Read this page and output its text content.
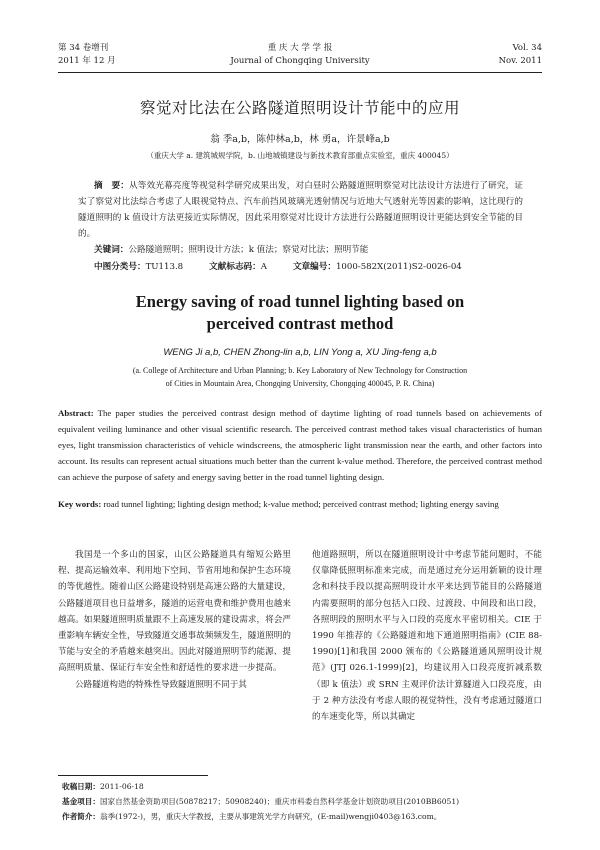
第 34 卷增刊
2011 年 12 月
重 庆 大 学 学 报
Journal of Chongqing University
Vol. 34
Nov. 2011
察觉对比法在公路隧道照明设计节能中的应用
翁 季a,b，陈仲林a,b，林 勇a，许景峰a,b
（重庆大学 a. 建筑城规学院，b. 山地城镇建设与新技术教育部重点实验室，重庆 400045）
摘　要：从等效光幕亮度等视觉科学研究成果出发，对白昼时公路隧道照明察觉对比法设计方法进行了研究，证实了察觉对比法综合考虑了人眼视觉特点、汽车前挡风玻璃光透射情况与近地大气透射光等因素的影响，这比现行的隧道照明的 k 值设计方法更接近实际情况，因此采用察觉对比设计方法进行公路隧道照明设计更能达到安全节能的目的。
关键词：公路隧道照明；照明设计方法；k 值法；察觉对比法；照明节能
中图分类号：TU113.8	文献标志码：A	文章编号：1000-582X(2011)S2-0026-04
Energy saving of road tunnel lighting based on
perceived contrast method
WENG Ji a,b, CHEN Zhong-lin a,b, LIN Yong a, XU Jing-feng a,b
(a. College of Architecture and Urban Planning; b. Key Laboratory of New Technology for Construction
of Cities in Mountain Area, Chongqing University, Chongqing 400045, P. R. China)
Abstract: The paper studies the perceived contrast design method of daytime lighting of road tunnels based on achievements of equivalent veiling luminance and other visual scientific research. The perceived contrast method takes visual characteristics of human eyes, light transmission characteristics of vehicle windscreens, the atmospheric light transmission near the earth, and other factors into account. Its results can represent actual situations much better than the current k-value method. Therefore, the perceived contrast method can achieve the purpose of safety and energy saving better in the road tunnel lighting design.
Key words: road tunnel lighting; lighting design method; k-value method; perceived contrast method; lighting energy saving

我国是一个多山的国家，山区公路隧道具有缩短公路里程、提高运输效率、利用地下空间、节省用地和保护生态环境的等优越性。随着山区公路建设特别是高速公路的大量建设，公路隧道项目也日益增多，隧道的运营电费和维护费用也越来越高。如果隧道照明质量跟不上高速发展的建设需求，将会严重影响车辆安全性，导致隧道交通事故频频发生，隧道照明的节能与安全的矛盾越来越突出。因此对隧道照明节约能源、提高照明质量、保证行车安全性和舒适性的要求进一步提高。

公路隧道构造的特殊性导致隧道照明不同于其

他道路照明，所以在隧道照明设计中考虑节能问题时，不能仅靠降低照明标准来完成，而是通过充分运用新颖的设计理念和科技手段以提高照明设计水平来达到节能目的公路隧道内需要照明的部分包括入口段、过渡段、中间段和出口段，各照明段的照明水平与入口段的亮度水平密切相关。CIE 于 1990 年推荐的《公路隧道和地下通道照明指南》(CIE 88-1990)[1]和我国 2000 颁布的《公路隧道通风照明设计规范》(JTJ 026.1-1999)[2]，均建议用入口段亮度折减系数（即 k 值法）或 SRN 主观评价法计算隧道入口段亮度，由于 2 种方法没有考虑人眼的视觉特性，没有考虑通过隧道口的车速变化等，所以其确定

收稿日期：2011-06-18
基金项目：国家自然基金资助项目(50878217；50908240)；重庆市科委自然科学基金计划资助项目(2010BB6051)
作者简介：翁季(1972-)，男，重庆大学教授，主要从事建筑光学方向研究，(E-mail)wengji0403@163.com。
